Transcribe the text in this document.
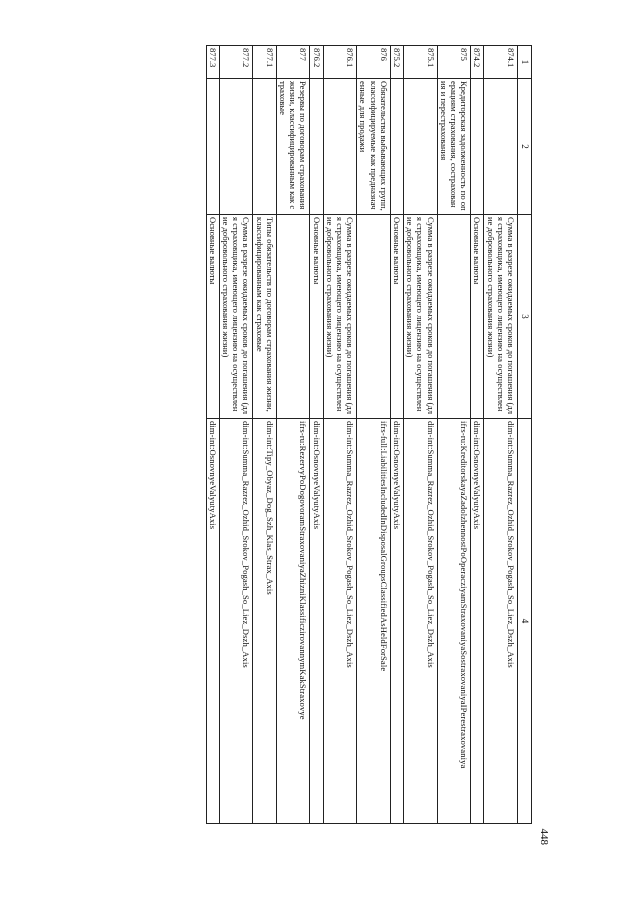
448
1	2	3	4
874.1		Сумма в разрезе ожидаемых сроков до погашения (для страховщика, имеющего лицензию на осуществление добровольного страхования жизни)	dim-int:Summa_Razrez_Ozhid_Srokov_Pogash_So_Liez_Dszh_Axis
874.2		Основные валюты	dim-int:OsnovnyeValyutyAxis
875	Кредиторская задолженность по операциям страхования, сострахования и перестрахования		ifrs-ru:KreditorskayaZadolzhennostPoOperacziyamStraxovaniyaSostraxovaniyaIPerestraxovaniya
875.1		Сумма в разрезе ожидаемых сроков до погашения (для страховщика, имеющего лицензию на осуществление добровольного страхования жизни)	dim-int:Summa_Razrez_Ozhid_Srokov_Pogash_So_Liez_Dszh_Axis
875.2		Основные валюты	dim-int:OsnovnyeValyutyAxis
876	Обязательства выбывающих групп, классифицируемые как предназначенные для продажи		ifrs-full:LiabilitiesIncludedInDisposalGroupsClassifiedAsHeldForSale
876.1		Сумма в разрезе ожидаемых сроков до погашения (для страховщика, имеющего лицензию на осуществление добровольного страхования жизни)	dim-int:Summa_Razrez_Ozhid_Srokov_Pogash_So_Liez_Dszh_Axis
876.2		Основные валюты	dim-int:OsnovnyeValyutyAxis
877	Резервы по договорам страхования жизни, классифицированным как страховые		ifrs-ru:RezervyPoDogovoramStraxovaniyaZhizniKlassificzirovannymKakStraxovye
877.1		Типы обязательств по договорам страхования жизни, классифицированным как страховые	dim-int:Tipy_Obyaz_Dog_Szh_Klas_Strax_Axis
877.2		Сумма в разрезе ожидаемых сроков до погашения (для страховщика, имеющего лицензию на осуществление добровольного страхования жизни)	dim-int:Summa_Razrez_Ozhid_Srokov_Pogash_So_Liez_Dszh_Axis
877.3		Основные валюты	dim-int:OsnovnyeValyutyAxis
